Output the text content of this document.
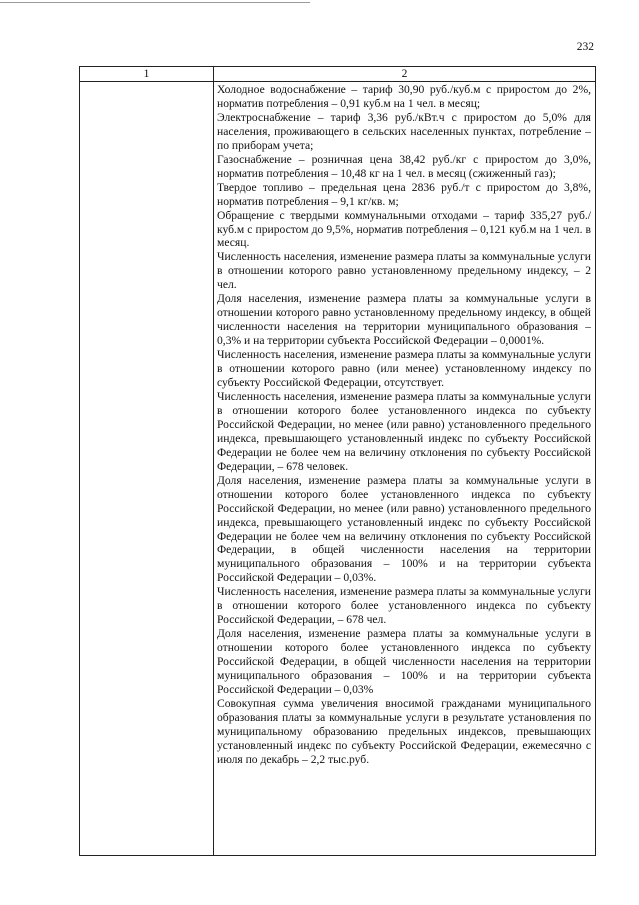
232
1	2

Холодное водоснабжение – тариф 30,90 руб./куб.м с приростом до 2%, норматив потребления – 0,91 куб.м на 1 чел. в месяц;

Электроснабжение – тариф 3,36 руб./кВт.ч с приростом до 5,0% для населения, проживающего в сельских населенных пунктах, потребление – по приборам учета;

Газоснабжение – розничная цена 38,42 руб./кг с приростом до 3,0%, норматив потребления – 10,48 кг на 1 чел. в месяц (сжиженный газ);

Твердое топливо – предельная цена 2836 руб./т с приростом до 3,8%, норматив потребления – 9,1 кг/кв. м;

Обращение с твердыми коммунальными отходами – тариф 335,27 руб./куб.м с приростом до 9,5%, норматив потребления – 0,121 куб.м на 1 чел. в месяц.

Численность населения, изменение размера платы за коммунальные услуги в отношении которого равно установленному предельному индексу, – 2 чел.

Доля населения, изменение размера платы за коммунальные услуги в отношении которого равно установленному предельному индексу, в общей численности населения на территории муниципального образования – 0,3% и на территории субъекта Российской Федерации – 0,0001%.

Численность населения, изменение размера платы за коммунальные услуги в отношении которого равно (или менее) установленному индексу по субъекту Российской Федерации, отсутствует.

Численность населения, изменение размера платы за коммунальные услуги в отношении которого более установленного индекса по субъекту Российской Федерации, но менее (или равно) установленного предельного индекса, превышающего установленный индекс по субъекту Российской Федерации не более чем на величину отклонения по субъекту Российской Федерации, – 678 человек.

Доля населения, изменение размера платы за коммунальные услуги в отношении которого более установленного индекса по субъекту Российской Федерации, но менее (или равно) установленного предельного индекса, превышающего установленный индекс по субъекту Российской Федерации не более чем на величину отклонения по субъекту Российской Федерации, в общей численности населения на территории муниципального образования – 100% и на территории субъекта Российской Федерации – 0,03%.

Численность населения, изменение размера платы за коммунальные услуги в отношении которого более установленного индекса по субъекту Российской Федерации, – 678 чел.

Доля населения, изменение размера платы за коммунальные услуги в отношении которого более установленного индекса по субъекту Российской Федерации, в общей численности населения на территории муниципального образования – 100% и на территории субъекта Российской Федерации – 0,03%

Совокупная сумма увеличения вносимой гражданами муниципального образования платы за коммунальные услуги в результате установления по муниципальному образованию предельных индексов, превышающих установленный индекс по субъекту Российской Федерации, ежемесячно с июля по декабрь – 2,2 тыс.руб.
